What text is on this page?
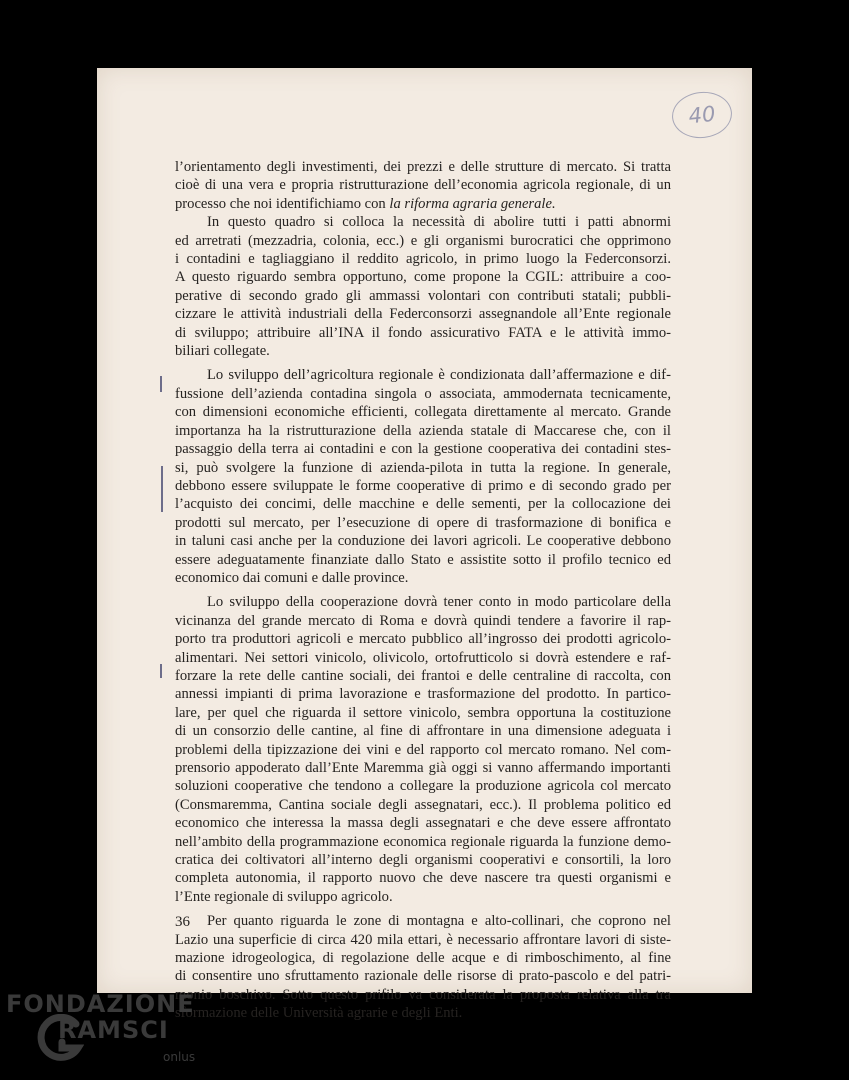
40
l’orientamento degli investimenti, dei prezzi e delle strutture di mercato. Si tratta
cioè di una vera e propria ristrutturazione dell’economia agricola regionale, di un
processo che noi identifichiamo con la riforma agraria generale.
In questo quadro si colloca la necessità di abolire tutti i patti abnormi
ed arretrati (mezzadria, colonia, ecc.) e gli organismi burocratici che opprimono
i contadini e tagliaggiano il reddito agricolo, in primo luogo la Federconsorzi.
A questo riguardo sembra opportuno, come propone la CGIL: attribuire a coo-
perative di secondo grado gli ammassi volontari con contributi statali; pubbli-
cizzare le attività industriali della Federconsorzi assegnandole all’Ente regionale
di sviluppo; attribuire all’INA il fondo assicurativo FATA e le attività immo-
biliari collegate.
Lo sviluppo dell’agricoltura regionale è condizionata dall’affermazione e dif-
fussione dell’azienda contadina singola o associata, ammodernata tecnicamente,
con dimensioni economiche efficienti, collegata direttamente al mercato. Grande
importanza ha la ristrutturazione della azienda statale di Maccarese che, con il
passaggio della terra ai contadini e con la gestione cooperativa dei contadini stes-
si, può svolgere la funzione di azienda-pilota in tutta la regione. In generale,
debbono essere sviluppate le forme cooperative di primo e di secondo grado per
l’acquisto dei concimi, delle macchine e delle sementi, per la collocazione dei
prodotti sul mercato, per l’esecuzione di opere di trasformazione di bonifica e
in taluni casi anche per la conduzione dei lavori agricoli. Le cooperative debbono
essere adeguatamente finanziate dallo Stato e assistite sotto il profilo tecnico ed
economico dai comuni e dalle province.
Lo sviluppo della cooperazione dovrà tener conto in modo particolare della
vicinanza del grande mercato di Roma e dovrà quindi tendere a favorire il rap-
porto tra produttori agricoli e mercato pubblico all’ingrosso dei prodotti agricolo-
alimentari. Nei settori vinicolo, olivicolo, ortofrutticolo si dovrà estendere e raf-
forzare la rete delle cantine sociali, dei frantoi e delle centraline di raccolta, con
annessi impianti di prima lavorazione e trasformazione del prodotto. In partico-
lare, per quel che riguarda il settore vinicolo, sembra opportuna la costituzione
di un consorzio delle cantine, al fine di affrontare in una dimensione adeguata i
problemi della tipizzazione dei vini e del rapporto col mercato romano. Nel com-
prensorio appoderato dall’Ente Maremma già oggi si vanno affermando importanti
soluzioni cooperative che tendono a collegare la produzione agricola col mercato
(Consmaremma, Cantina sociale degli assegnatari, ecc.). Il problema politico ed
economico che interessa la massa degli assegnatari e che deve essere affrontato
nell’ambito della programmazione economica regionale riguarda la funzione demo-
cratica dei coltivatori all’interno degli organismi cooperativi e consortili, la loro
completa autonomia, il rapporto nuovo che deve nascere tra questi organismi e
l’Ente regionale di sviluppo agricolo.
Per quanto riguarda le zone di montagna e alto-collinari, che coprono nel
Lazio una superficie di circa 420 mila ettari, è necessario affrontare lavori di siste-
mazione idrogeologica, di regolazione delle acque e di rimboschimento, al fine
di consentire uno sfruttamento razionale delle risorse di prato-pascolo e del patri-
monio boschivo. Sotto questo prifilo va considerata la proposta relativa alla tra
sformazione delle Università agrarie e degli Enti.
36
FONDAZIONE
RAMSCI
onlus
